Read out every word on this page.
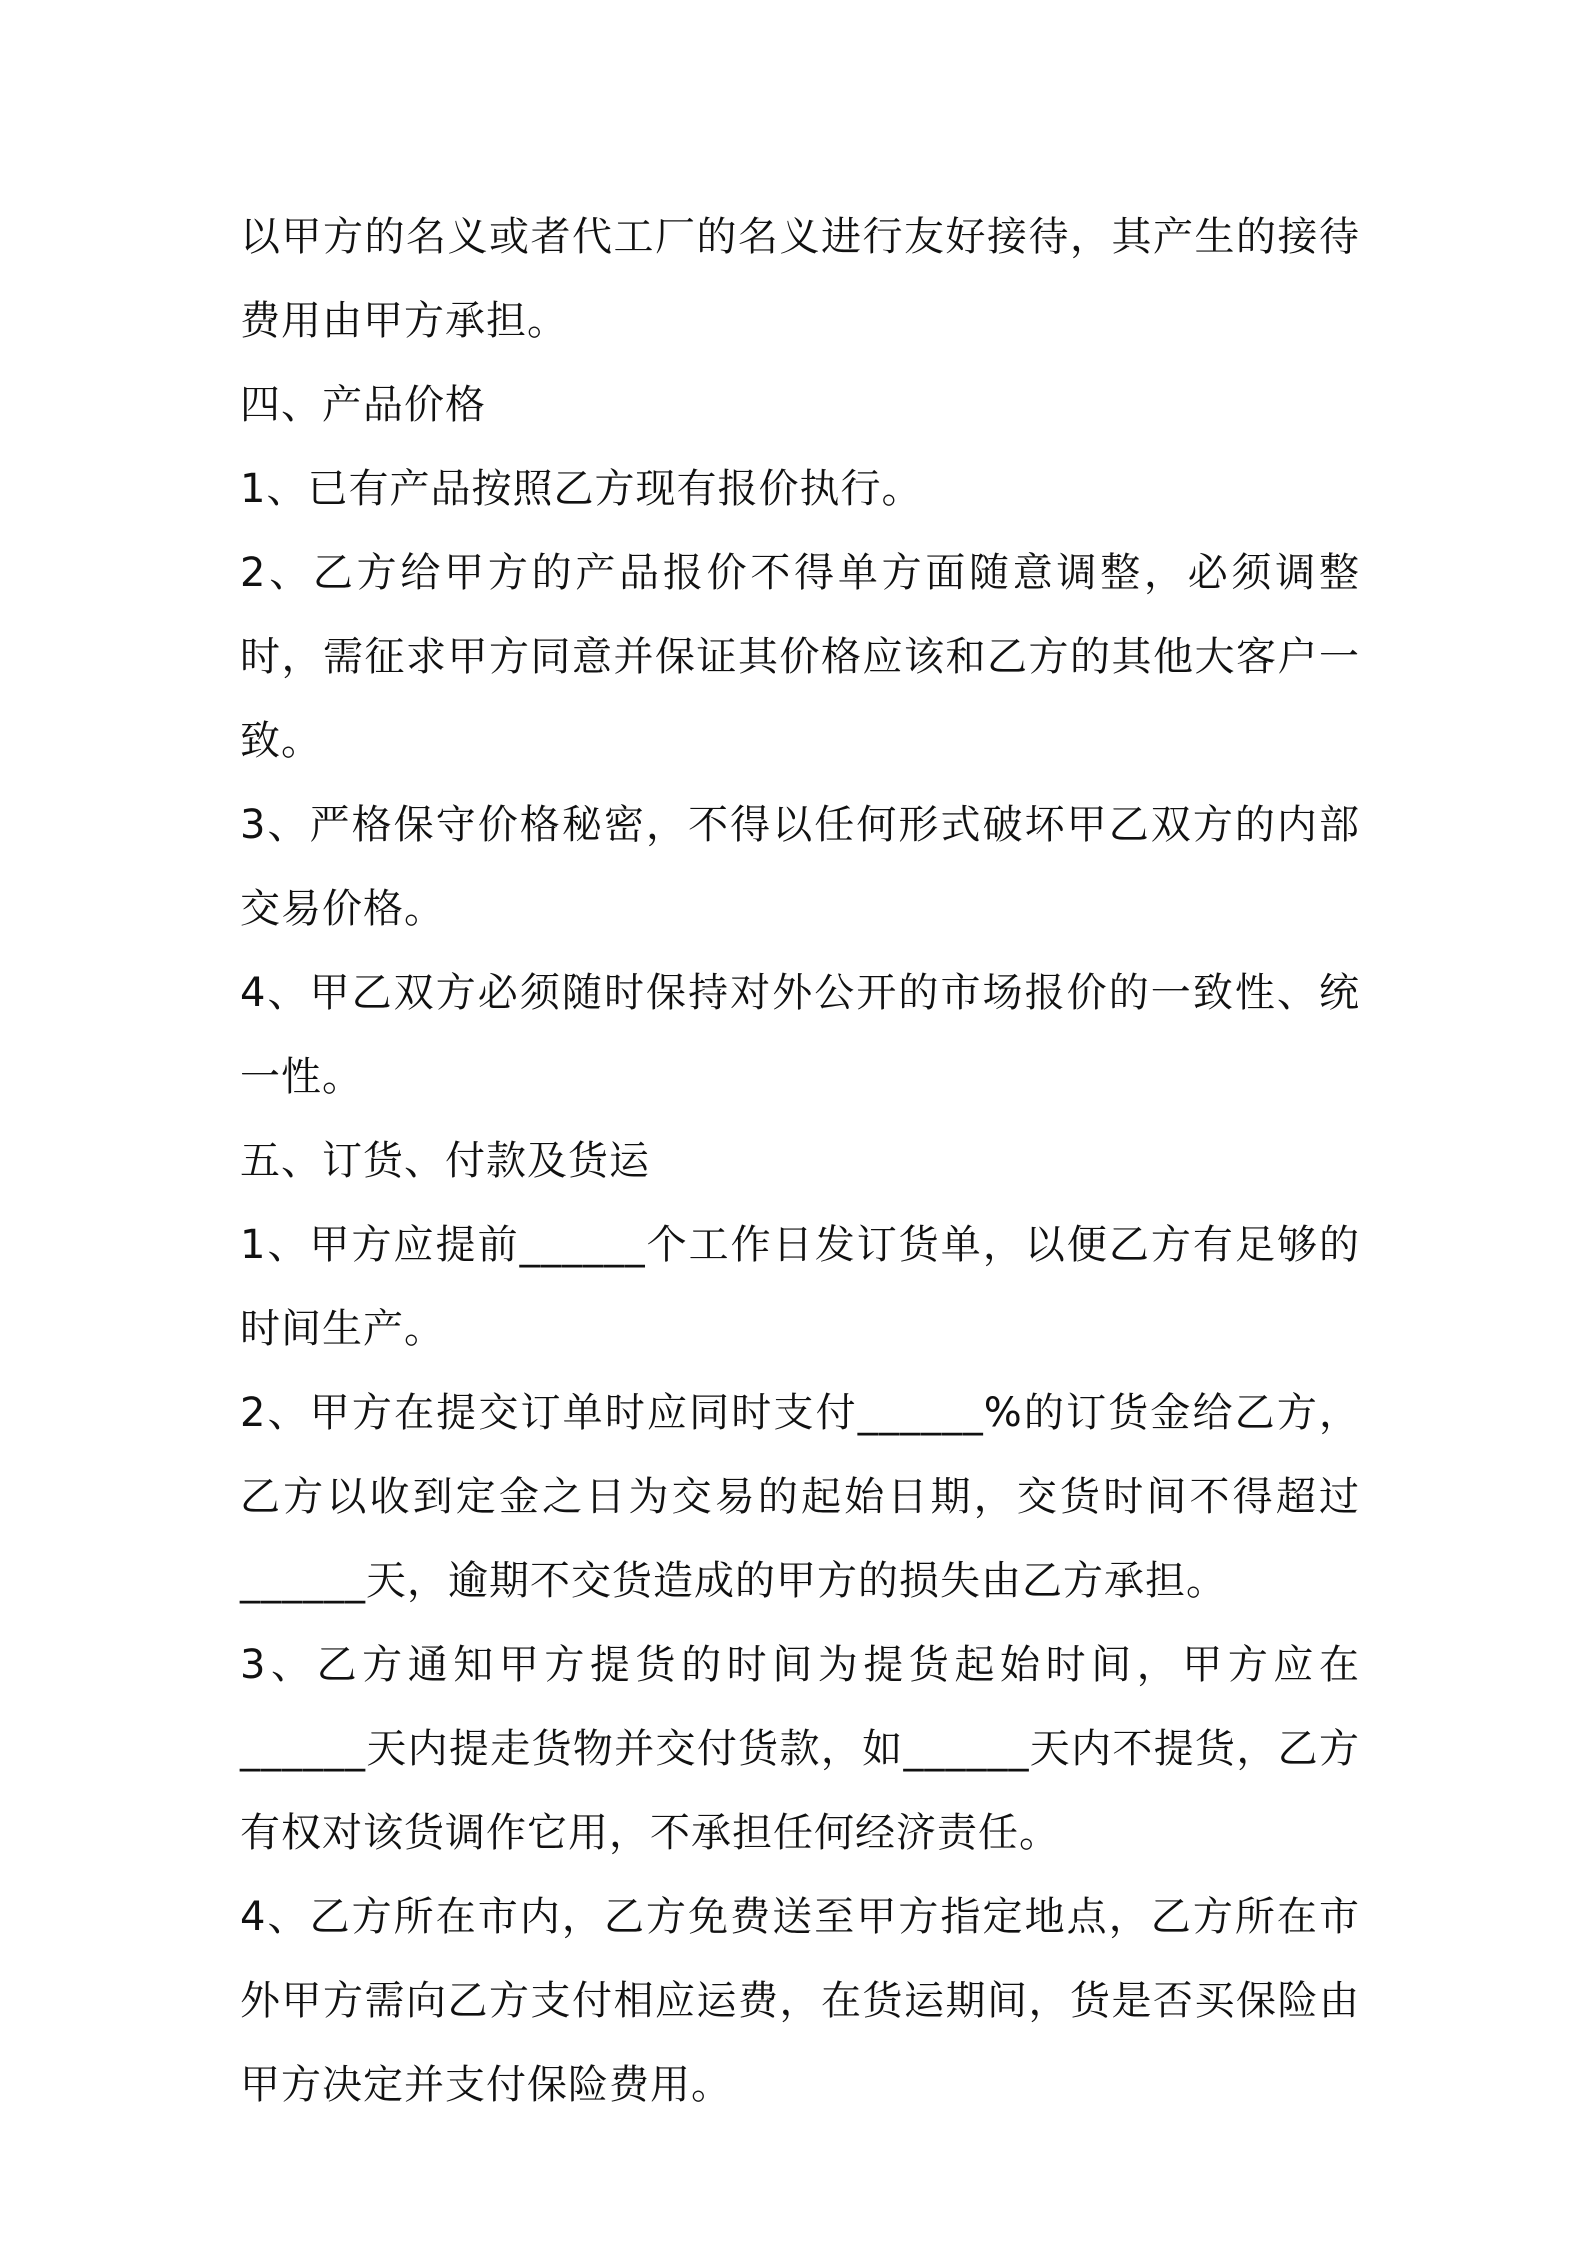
以甲方的名义或者代工厂的名义进行友好接待，其产生的接待费用由甲方承担。

四、产品价格

1、已有产品按照乙方现有报价执行。

2、乙方给甲方的产品报价不得单方面随意调整，必须调整时，需征求甲方同意并保证其价格应该和乙方的其他大客户一致。

3、严格保守价格秘密，不得以任何形式破坏甲乙双方的内部交易价格。

4、甲乙双方必须随时保持对外公开的市场报价的一致性、统一性。

五、订货、付款及货运

1、甲方应提前______个工作日发订货单，以便乙方有足够的时间生产。

2、甲方在提交订单时应同时支付______%的订货金给乙方，乙方以收到定金之日为交易的起始日期，交货时间不得超过______天，逾期不交货造成的甲方的损失由乙方承担。

3、乙方通知甲方提货的时间为提货起始时间，甲方应在______天内提走货物并交付货款，如______天内不提货，乙方有权对该货调作它用，不承担任何经济责任。

4、乙方所在市内，乙方免费送至甲方指定地点，乙方所在市外甲方需向乙方支付相应运费，在货运期间，货是否买保险由甲方决定并支付保险费用。
